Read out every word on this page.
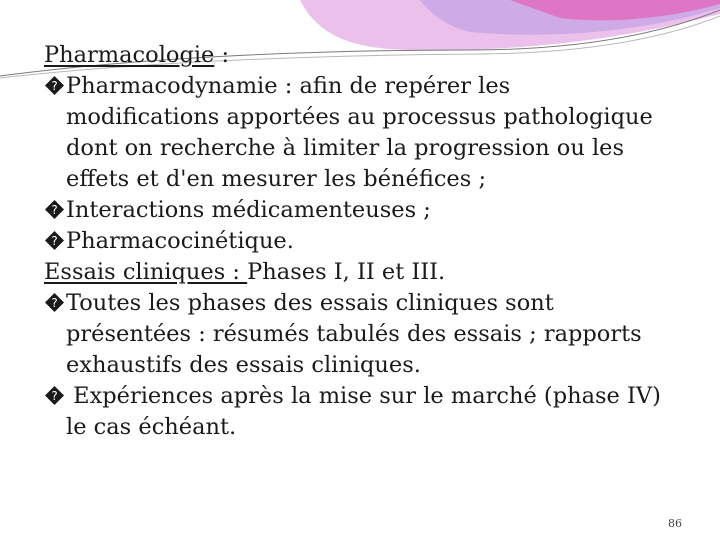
Pharmacologie :
? Pharmacodynamie : afin de repérer les
modifications apportées au processus pathologique
dont on recherche à limiter la progression ou les
effets et d'en mesurer les bénéfices ;
? Interactions médicamenteuses ;
? Pharmacocinétique.
Essais cliniques : Phases I, II et III.
? Toutes les phases des essais cliniques sont
présentées : résumés tabulés des essais ; rapports
exhaustifs des essais cliniques.
? Expériences après la mise sur le marché (phase IV)
le cas échéant.
86
